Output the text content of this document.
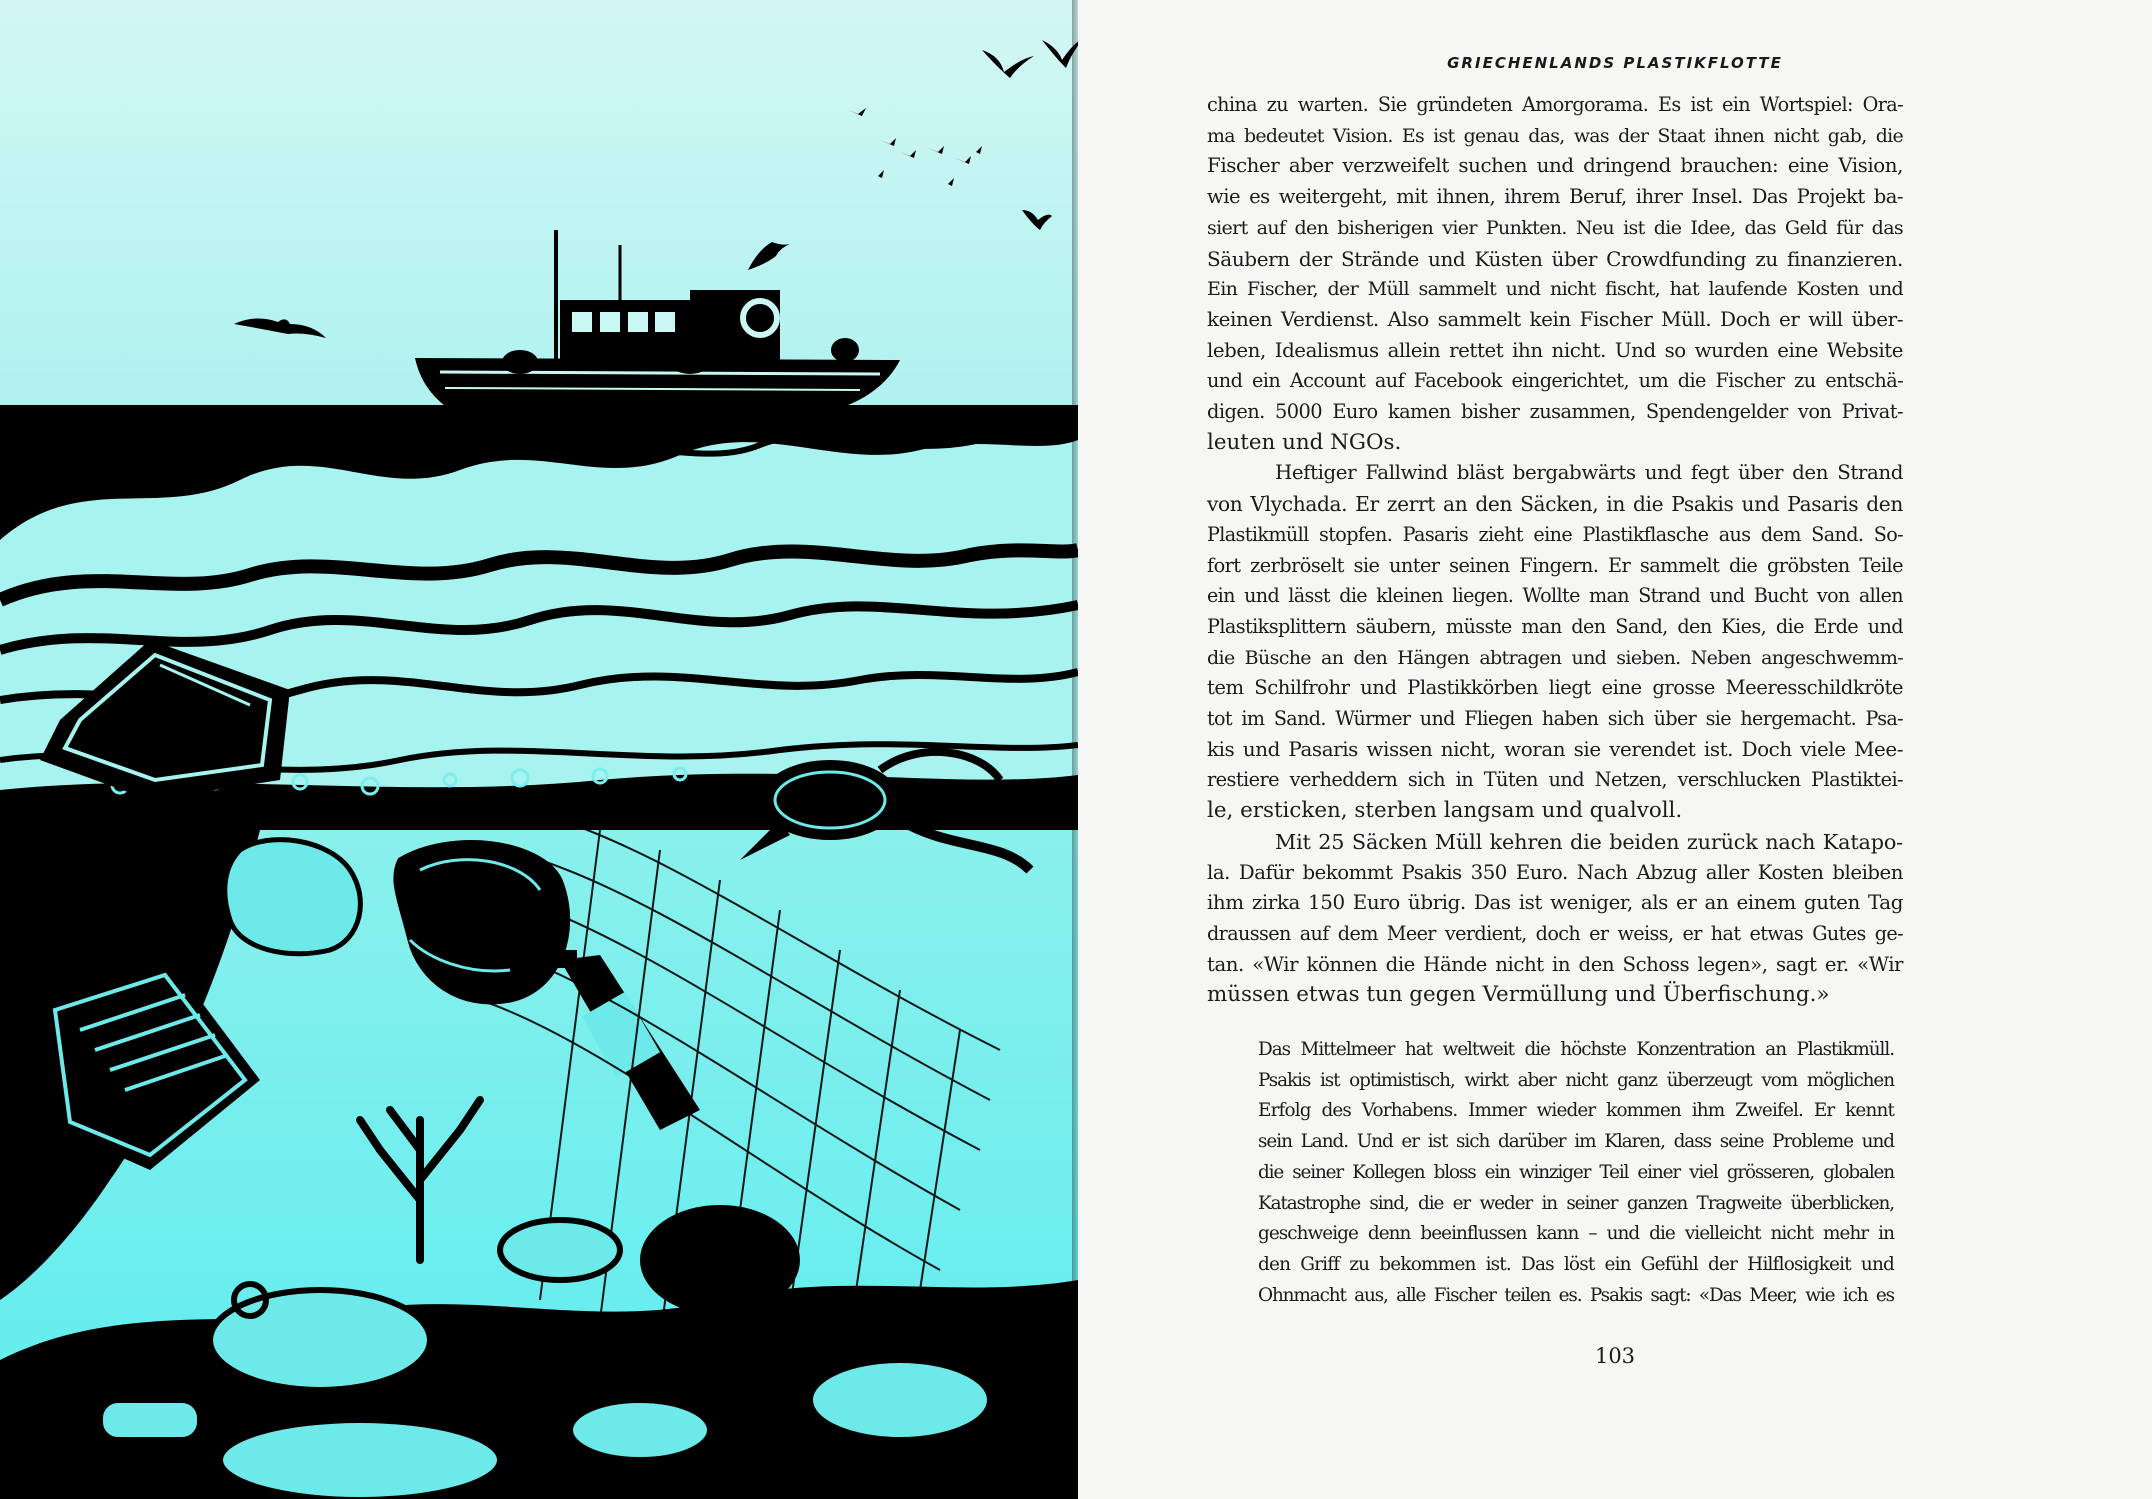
GRIECHENLANDS PLASTIKFLOTTE
china zu warten. Sie gründeten Amorgorama. Es ist ein Wortspiel: Ora-
ma bedeutet Vision. Es ist genau das, was der Staat ihnen nicht gab, die
Fischer aber verzweifelt suchen und dringend brauchen: eine Vision,
wie es weitergeht, mit ihnen, ihrem Beruf, ihrer Insel. Das Projekt ba-
siert auf den bisherigen vier Punkten. Neu ist die Idee, das Geld für das
Säubern der Strände und Küsten über Crowdfunding zu finanzieren.
Ein Fischer, der Müll sammelt und nicht fischt, hat laufende Kosten und
keinen Verdienst. Also sammelt kein Fischer Müll. Doch er will über-
leben, Idealismus allein rettet ihn nicht. Und so wurden eine Website
und ein Account auf Facebook eingerichtet, um die Fischer zu entschä-
digen. 5000 Euro kamen bisher zusammen, Spendengelder von Privat-
leuten und NGOs.
Heftiger Fallwind bläst bergabwärts und fegt über den Strand
von Vlychada. Er zerrt an den Säcken, in die Psakis und Pasaris den
Plastikmüll stopfen. Pasaris zieht eine Plastikflasche aus dem Sand. So-
fort zerbröselt sie unter seinen Fingern. Er sammelt die gröbsten Teile
ein und lässt die kleinen liegen. Wollte man Strand und Bucht von allen
Plastiksplittern säubern, müsste man den Sand, den Kies, die Erde und
die Büsche an den Hängen abtragen und sieben. Neben angeschwemm-
tem Schilfrohr und Plastikkörben liegt eine grosse Meeresschildkröte
tot im Sand. Würmer und Fliegen haben sich über sie hergemacht. Psa-
kis und Pasaris wissen nicht, woran sie verendet ist. Doch viele Mee-
restiere verheddern sich in Tüten und Netzen, verschlucken Plastiktei-
le, ersticken, sterben langsam und qualvoll.
Mit 25 Säcken Müll kehren die beiden zurück nach Katapo-
la. Dafür bekommt Psakis 350 Euro. Nach Abzug aller Kosten bleiben
ihm zirka 150 Euro übrig. Das ist weniger, als er an einem guten Tag
draussen auf dem Meer verdient, doch er weiss, er hat etwas Gutes ge-
tan. «Wir können die Hände nicht in den Schoss legen», sagt er. «Wir
müssen etwas tun gegen Vermüllung und Überfischung.»
Das Mittelmeer hat weltweit die höchste Konzentration an Plastikmüll.
Psakis ist optimistisch, wirkt aber nicht ganz überzeugt vom möglichen
Erfolg des Vorhabens. Immer wieder kommen ihm Zweifel. Er kennt
sein Land. Und er ist sich darüber im Klaren, dass seine Probleme und
die seiner Kollegen bloss ein winziger Teil einer viel grösseren, globalen
Katastrophe sind, die er weder in seiner ganzen Tragweite überblicken,
geschweige denn beeinflussen kann – und die vielleicht nicht mehr in
den Griff zu bekommen ist. Das löst ein Gefühl der Hilflosigkeit und
Ohnmacht aus, alle Fischer teilen es. Psakis sagt: «Das Meer, wie ich es
103
